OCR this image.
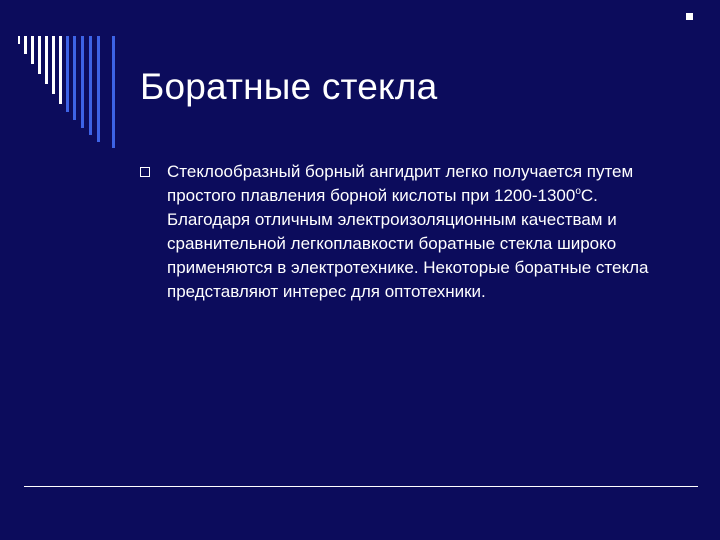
Боратные стекла

Стеклообразный борный ангидрит легко получается путем простого плавления борной кислоты при $1200-1300^оС$. Благодаря отличным электроизоляционным качествам и сравнительной легкоплавкости боратные стекла широко применяются в электротехнике. Некоторые боратные стекла представляют интерес для оптотехники.
